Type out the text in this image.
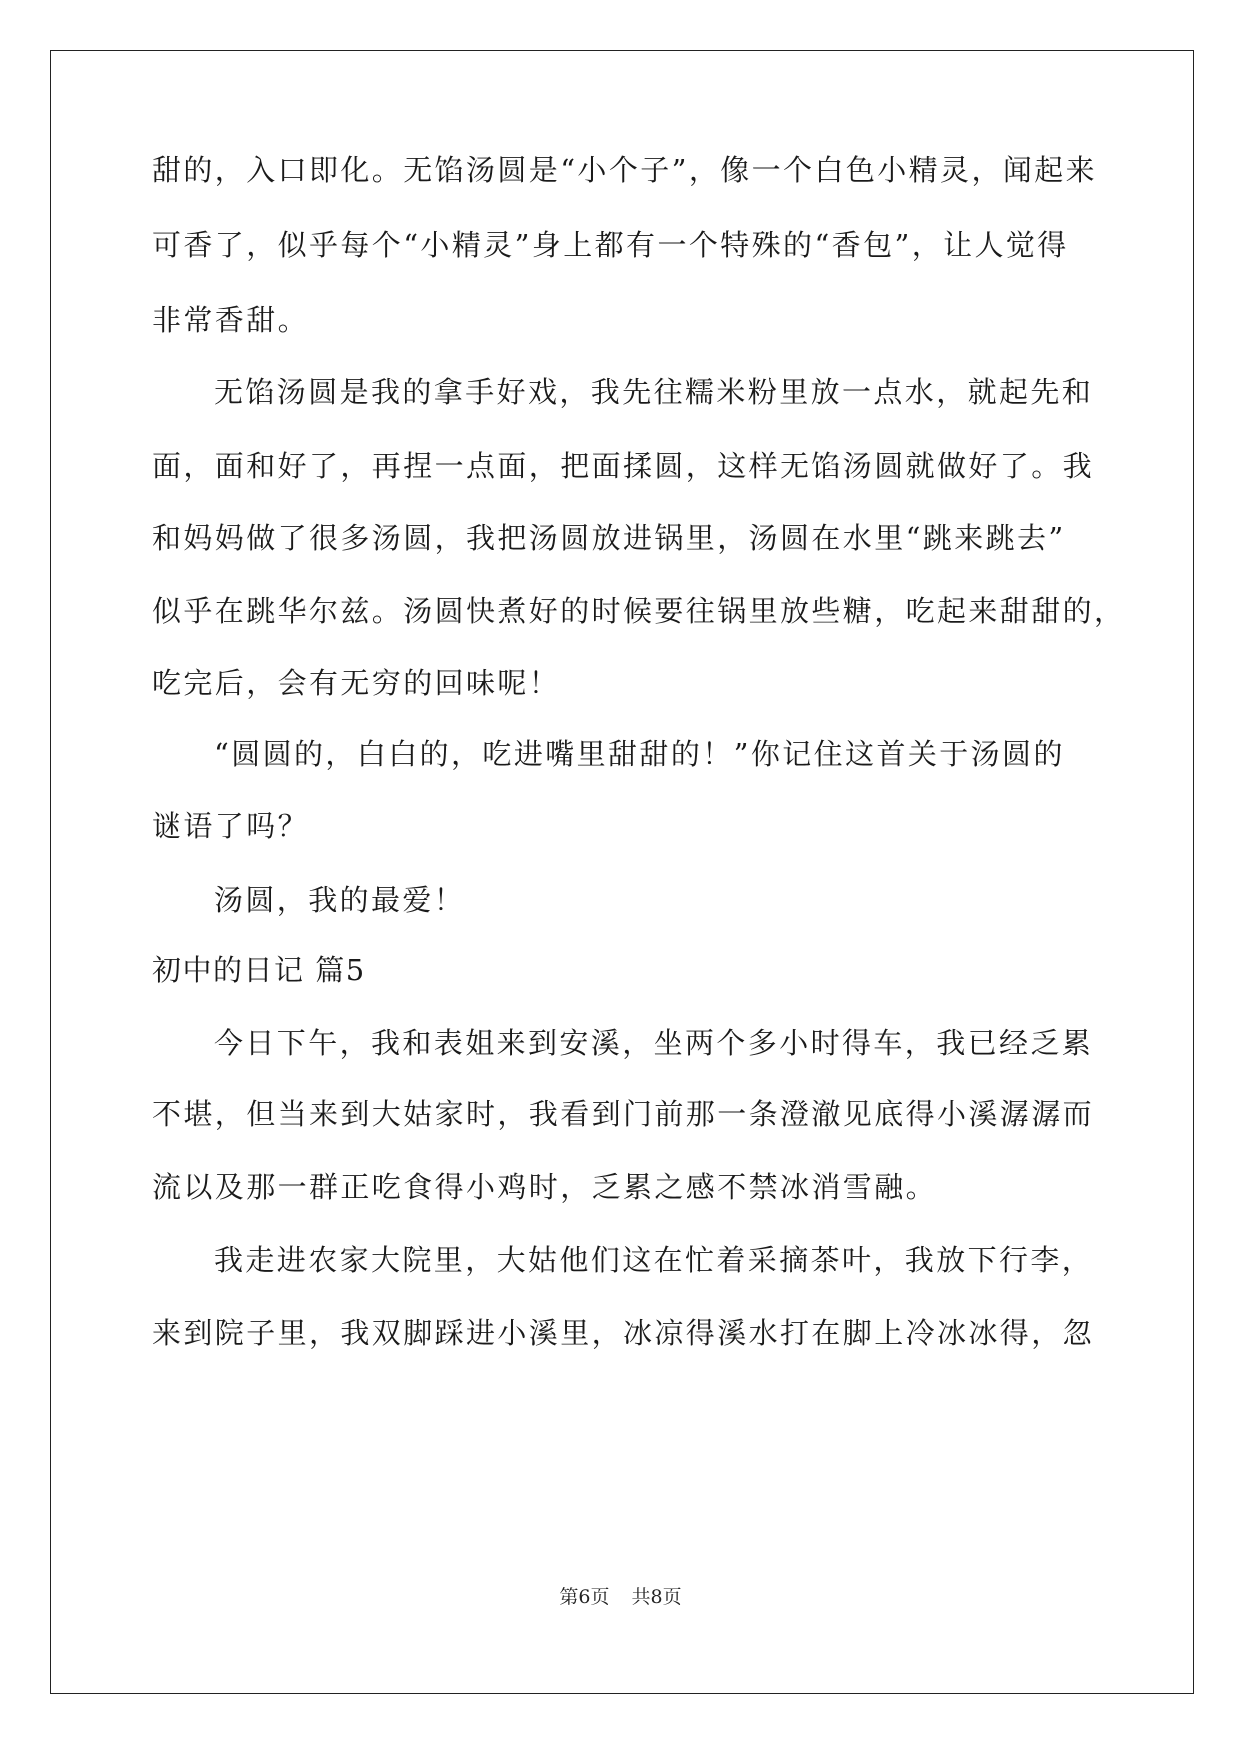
甜的，入口即化。无馅汤圆是“小个子”，像一个白色小精灵，闻起来
可香了，似乎每个“小精灵”身上都有一个特殊的“香包”，让人觉得
非常香甜。
无馅汤圆是我的拿手好戏，我先往糯米粉里放一点水，就起先和
面，面和好了，再捏一点面，把面揉圆，这样无馅汤圆就做好了。我
和妈妈做了很多汤圆，我把汤圆放进锅里，汤圆在水里“跳来跳去”
似乎在跳华尔兹。汤圆快煮好的时候要往锅里放些糖，吃起来甜甜的，
吃完后，会有无穷的回味呢！
“圆圆的，白白的，吃进嘴里甜甜的！”你记住这首关于汤圆的
谜语了吗？
汤圆，我的最爱！
初中的日记 篇5
今日下午，我和表姐来到安溪，坐两个多小时得车，我已经乏累
不堪，但当来到大姑家时，我看到门前那一条澄澈见底得小溪潺潺而
流以及那一群正吃食得小鸡时，乏累之感不禁冰消雪融。
我走进农家大院里，大姑他们这在忙着采摘茶叶，我放下行李，
来到院子里，我双脚踩进小溪里，冰凉得溪水打在脚上冷冰冰得，忽
第6页 共8页
